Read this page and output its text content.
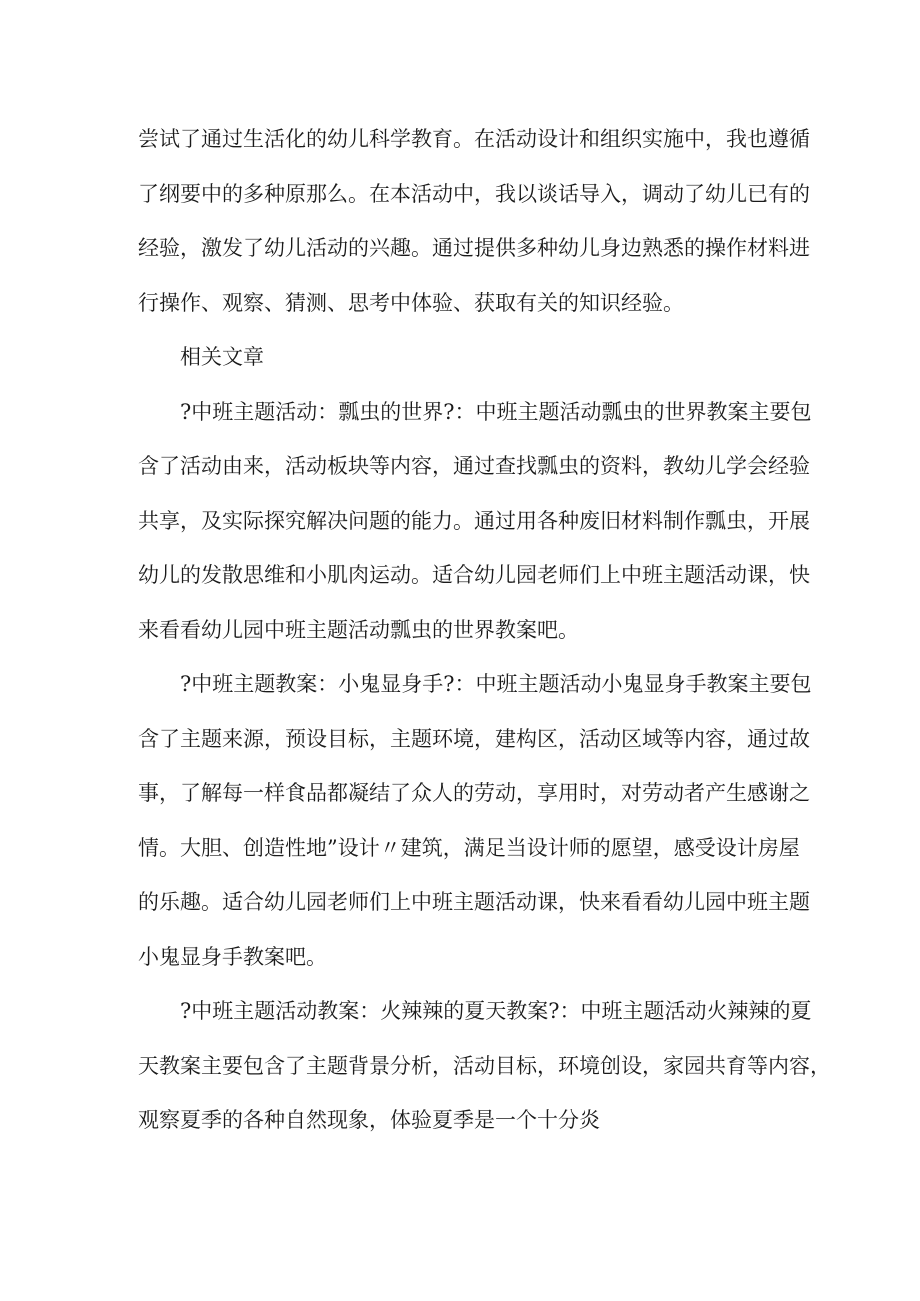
尝试了通过生活化的幼儿科学教育。在活动设计和组织实施中，我也遵循
了纲要中的多种原那么。在本活动中，我以谈话导入，调动了幼儿已有的
经验，激发了幼儿活动的兴趣。通过提供多种幼儿身边熟悉的操作材料进
行操作、观察、猜测、思考中体验、获取有关的知识经验。
相关文章
?中班主题活动：瓢虫的世界?：中班主题活动瓢虫的世界教案主要包
含了活动由来，活动板块等内容，通过查找瓢虫的资料，教幼儿学会经验
共享，及实际探究解决问题的能力。通过用各种废旧材料制作瓢虫，开展
幼儿的发散思维和小肌肉运动。适合幼儿园老师们上中班主题活动课，快
来看看幼儿园中班主题活动瓢虫的世界教案吧。
?中班主题教案：小鬼显身手?：中班主题活动小鬼显身手教案主要包
含了主题来源，预设目标，主题环境，建构区，活动区域等内容，通过故
事，了解每一样食品都凝结了众人的劳动，享用时，对劳动者产生感谢之
情。大胆、创造性地”设计〃建筑，满足当设计师的愿望，感受设计房屋
的乐趣。适合幼儿园老师们上中班主题活动课，快来看看幼儿园中班主题
小鬼显身手教案吧。
?中班主题活动教案：火辣辣的夏天教案?：中班主题活动火辣辣的夏
天教案主要包含了主题背景分析，活动目标，环境创设，家园共育等内容，
观察夏季的各种自然现象，体验夏季是一个十分炎
